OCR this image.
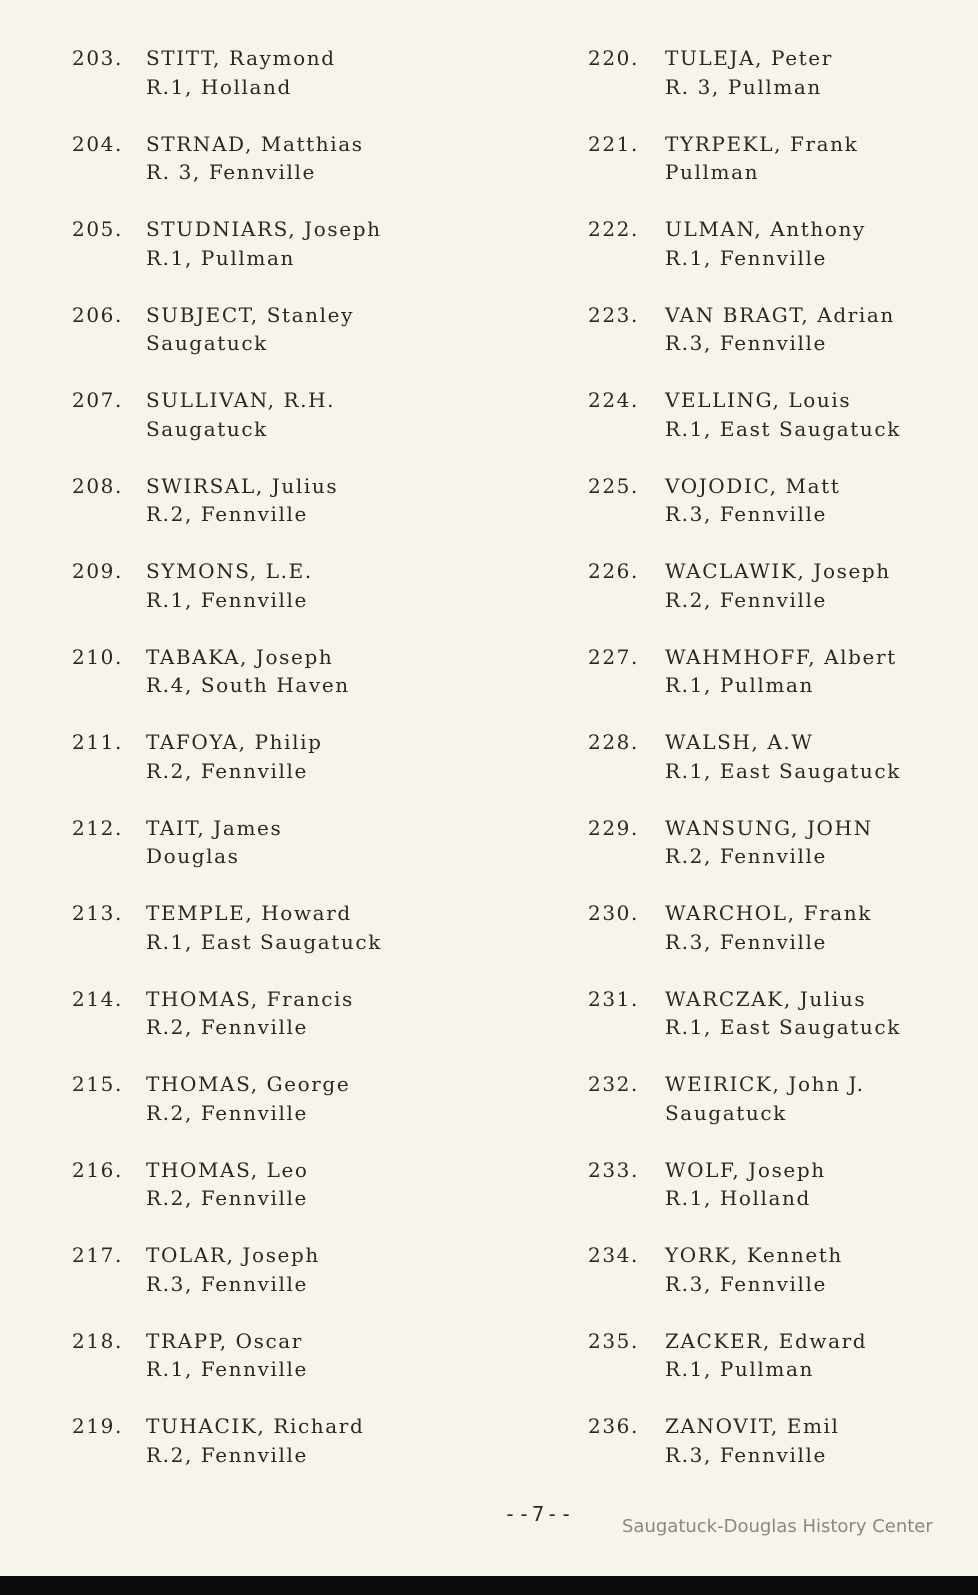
203.	STITT, Raymond
R.1, Holland
204.	STRNAD, Matthias
R. 3, Fennville
205.	STUDNIARS, Joseph
R.1, Pullman
206.	SUBJECT, Stanley
Saugatuck
207.	SULLIVAN, R.H.
Saugatuck
208.	SWIRSAL, Julius
R.2, Fennville
209.	SYMONS, L.E.
R.1, Fennville
210.	TABAKA, Joseph
R.4, South Haven
211.	TAFOYA, Philip
R.2, Fennville
212.	TAIT, James
Douglas
213.	TEMPLE, Howard
R.1, East Saugatuck
214.	THOMAS, Francis
R.2, Fennville
215.	THOMAS, George
R.2, Fennville
216.	THOMAS, Leo
R.2, Fennville
217.	TOLAR, Joseph
R.3, Fennville
218.	TRAPP, Oscar
R.1, Fennville
219.	TUHACIK, Richard
R.2, Fennville
220.	TULEJA, Peter
R. 3, Pullman
221.	TYRPEKL, Frank
Pullman
222.	ULMAN, Anthony
R.1, Fennville
223.	VAN BRAGT, Adrian
R.3, Fennville
224.	VELLING, Louis
R.1, East Saugatuck
225.	VOJODIC, Matt
R.3, Fennville
226.	WACLAWIK, Joseph
R.2, Fennville
227.	WAHMHOFF, Albert
R.1, Pullman
228.	WALSH, A.W
R.1, East Saugatuck
229.	WANSUNG, JOHN
R.2, Fennville
230.	WARCHOL, Frank
R.3, Fennville
231.	WARCZAK, Julius
R.1, East Saugatuck
232.	WEIRICK, John J.
Saugatuck
233.	WOLF, Joseph
R.1, Holland
234.	YORK, Kenneth
R.3, Fennville
235.	ZACKER, Edward
R.1, Pullman
236.	ZANOVIT, Emil
R.3, Fennville
--7--
Saugatuck-Douglas History Center
